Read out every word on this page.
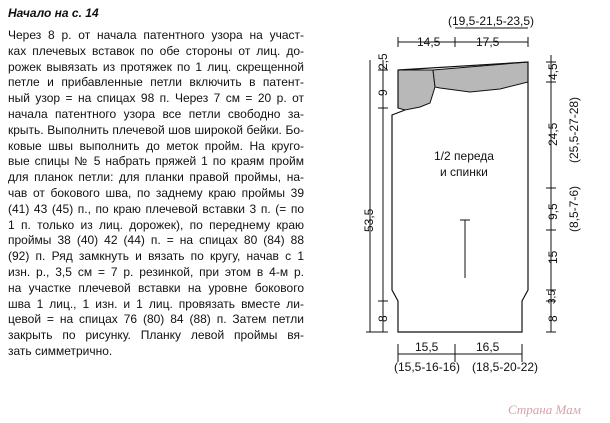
Начало на с. 14
Через 8 р. от начала патентного узора на участ-
ках плечевых вставок по обе стороны от лиц. до-
рожек вывязать из протяжек по 1 лиц. скрещенной
петле и прибавленные петли включить в патент-
ный узор = на спицах 98 п. Через 7 см = 20 р. от
начала патентного узора все петли свободно за-
крыть. Выполнить плечевой шов широкой бейки. Бо-
ковые швы выполнить до меток пройм. На круго-
вые спицы № 5 набрать пряжей 1 по краям пройм
для планок петли: для планки правой проймы, на-
чав от бокового шва, по заднему краю проймы 39
(41) 43 (45) п., по краю плечевой вставки 3 п. (= по
1 п. только из лиц. дорожек), по переднему краю
проймы 38 (40) 42 (44) п. = на спицах 80 (84) 88
(92) п. Ряд замкнуть и вязать по кругу, начав с 1
изн. р., 3,5 см = 7 р. резинкой, при этом в 4-м р.
на участке плечевой вставки на уровне бокового
шва 1 лиц., 1 изн. и 1 лиц. провязать вместе ли-
цевой = на спицах 76 (80) 84 (88) п. Затем петли
закрыть по рисунку. Планку левой проймы вя-
зать симметрично.
(19,5-21,5-23,5)
14,5	17,5
2,5
9
53,5
8
4,5
24,5 (25,5-27-28)
9,5 (8,5-7-6)
15
3,5
8
1/2 переда
и спинки
15,5	16,5
(15,5-16-16) (18,5-20-22)
Страна Мам
